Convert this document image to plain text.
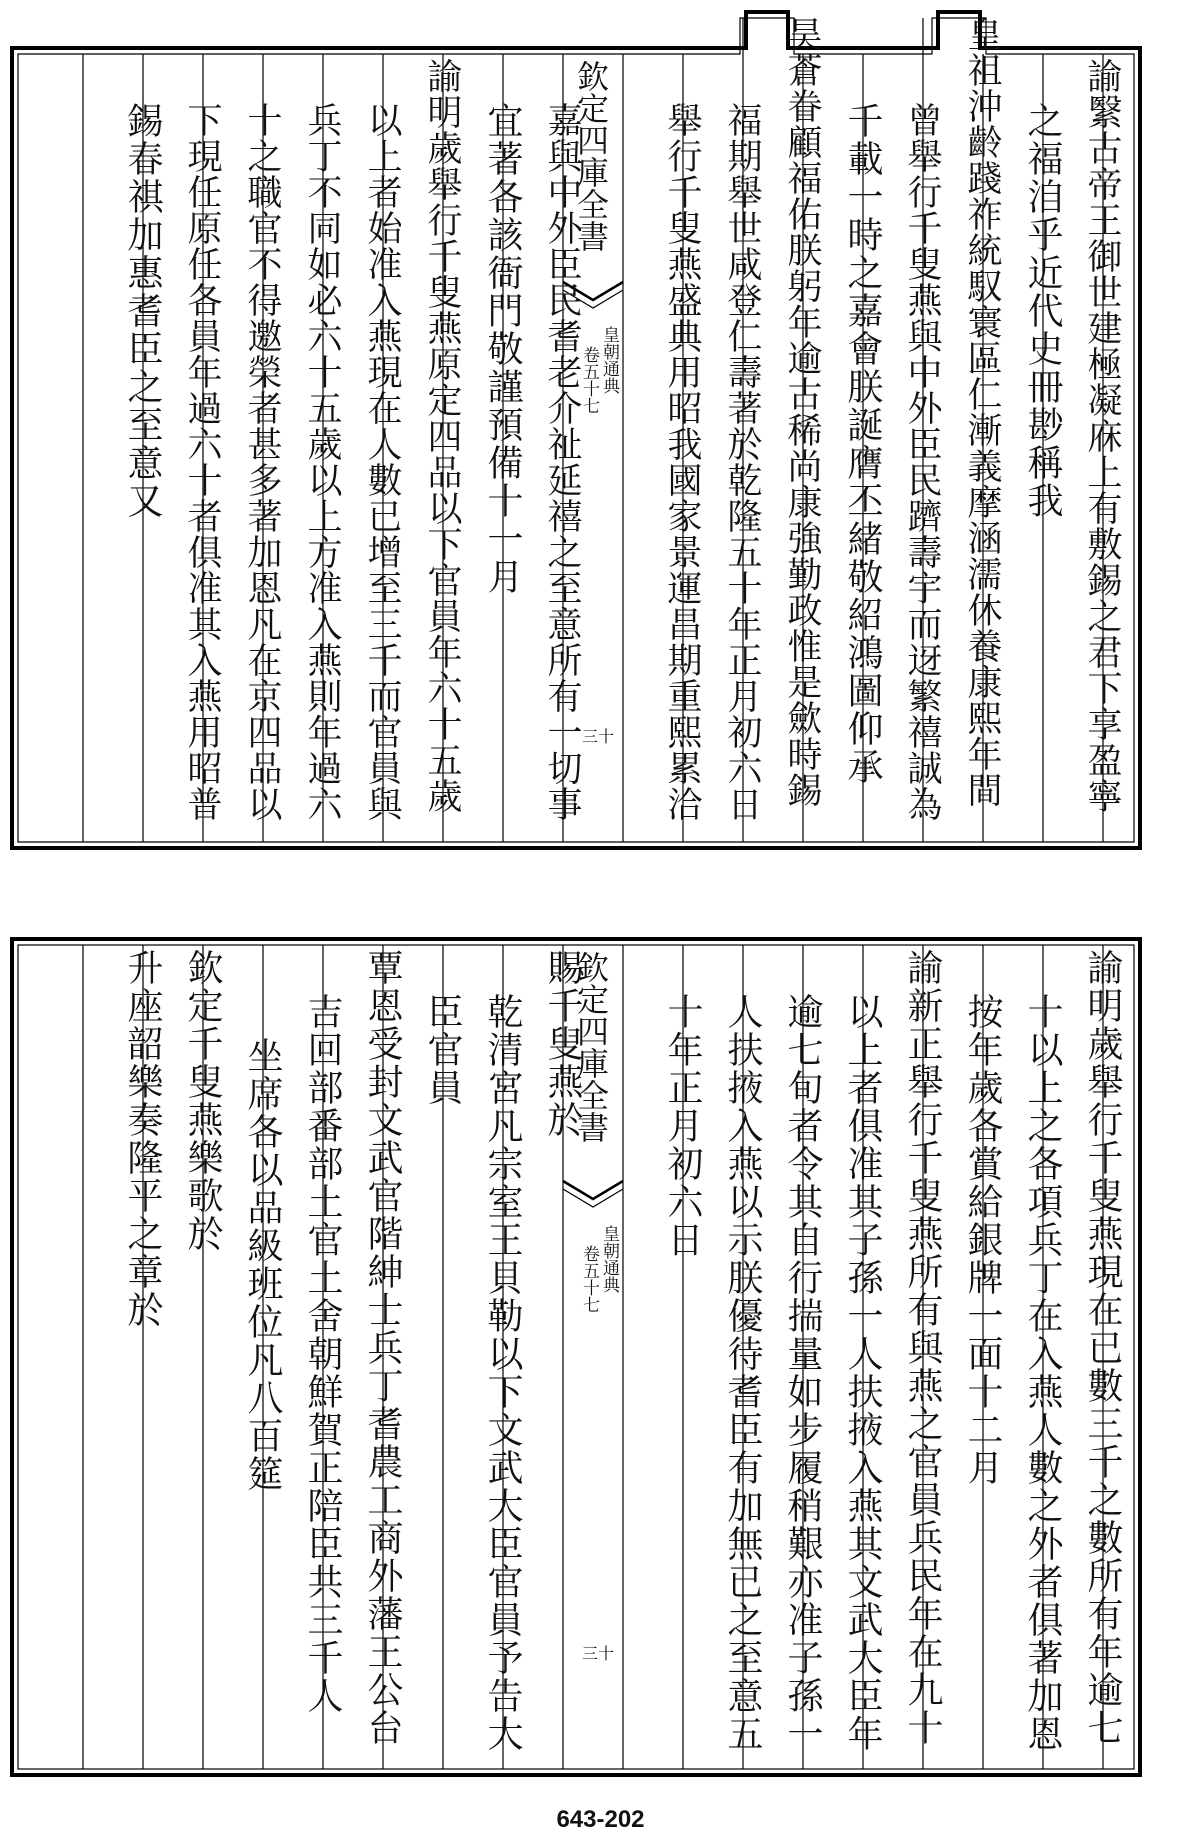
欽定四庫全書
皇朝通典
卷五十七
三十	諭繄古帝王御世建極凝庥上有敷錫之君下享盈寧
之福洎乎近代史冊尠稱我
皇祖沖齡踐祚統馭寰區仁漸義摩涵濡休養康熙年間
曾舉行千叟燕與中外臣民躋壽宇而迓繁禧誠為
千載一時之嘉會朕誕膺丕緒敬紹鴻圖仰承
昊蒼眷顧福佑朕躬年逾古稀尚康強勤政惟是歛時錫
福期舉世咸登仁壽著於乾隆五十年正月初六日
舉行千叟燕盛典用昭我國家景運昌期重熙累洽
嘉與中外臣民耆老介祉延禧之至意所有一切事
宜著各該衙門敬謹預備十一月
諭明歲舉行千叟燕原定四品以下官員年六十五歲
以上者始准入燕現在人數已增至三千而官員與
兵丁不同如必六十五歲以上方准入燕則年過六
十之職官不得邀榮者甚多著加恩凡在京四品以
下現任原任各員年過六十者俱准其入燕用昭普
錫春祺加惠耆臣之至意又
欽定四庫全書
皇朝通典
卷五十七
三十	諭明歲舉行千叟燕現在已數三千之數所有年逾七
十以上之各項兵丁在入燕人數之外者俱著加恩
按年歲各賞給銀牌一面十二月
諭新正舉行千叟燕所有與燕之官員兵民年在九十
以上者俱准其子孫一人扶掖入燕其文武大臣年
逾七旬者令其自行揣量如步履稍艱亦准子孫一
人扶掖入燕以示朕優待耆臣有加無已之至意五
十年正月初六日
賜千叟燕於
乾清宮凡宗室王貝勒以下文武大臣官員予告大
臣官員
覃恩受封文武官階紳士兵丁耆農工商外藩王公台
吉回部番部土官土舍朝鮮賀正陪臣共三千人
坐席各以品級班位凡八百筵
欽定千叟燕樂歌於
升座韶樂奏隆平之章於
643-202
